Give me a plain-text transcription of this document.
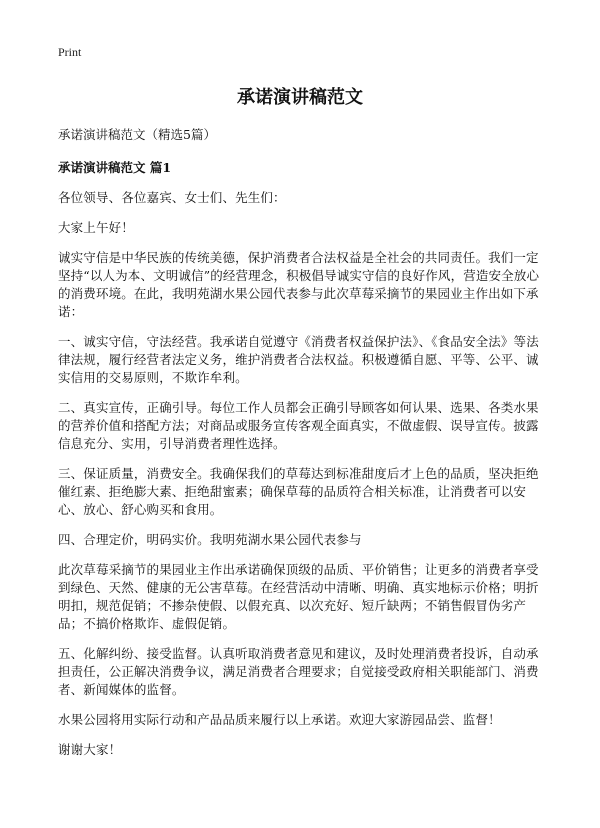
Print
承诺演讲稿范文
承诺演讲稿范文（精选5篇）
承诺演讲稿范文 篇1

各位领导、各位嘉宾、女士们、先生们：

大家上午好！

诚实守信是中华民族的传统美德，保护消费者合法权益是全社会的共同责任。我们一定坚持“以人为本、文明诚信”的经营理念，积极倡导诚实守信的良好作风，营造安全放心的消费环境。在此，我明苑湖水果公园代表参与此次草莓采摘节的果园业主作出如下承诺：

一、诚实守信，守法经营。我承诺自觉遵守《消费者权益保护法》、《食品安全法》等法律法规，履行经营者法定义务，维护消费者合法权益。积极遵循自愿、平等、公平、诚实信用的交易原则，不欺诈牟利。

二、真实宣传，正确引导。每位工作人员都会正确引导顾客如何认果、选果、各类水果的营养价值和搭配方法；对商品或服务宣传客观全面真实，不做虚假、误导宣传。披露信息充分、实用，引导消费者理性选择。

三、保证质量，消费安全。我确保我们的草莓达到标准甜度后才上色的品质，坚决拒绝催红素、拒绝膨大素、拒绝甜蜜素；确保草莓的品质符合相关标准，让消费者可以安心、放心、舒心购买和食用。

四、合理定价，明码实价。我明苑湖水果公园代表参与

此次草莓采摘节的果园业主作出承诺确保顶级的品质、平价销售；让更多的消费者享受到绿色、天然、健康的无公害草莓。在经营活动中清晰、明确、真实地标示价格；明折明扣，规范促销；不掺杂使假、以假充真、以次充好、短斤缺两；不销售假冒伪劣产品；不搞价格欺诈、虚假促销。

五、化解纠纷、接受监督。认真听取消费者意见和建议，及时处理消费者投诉，自动承担责任，公正解决消费争议，满足消费者合理要求；自觉接受政府相关职能部门、消费者、新闻媒体的监督。

水果公园将用实际行动和产品品质来履行以上承诺。欢迎大家游园品尝、监督！

谢谢大家！
